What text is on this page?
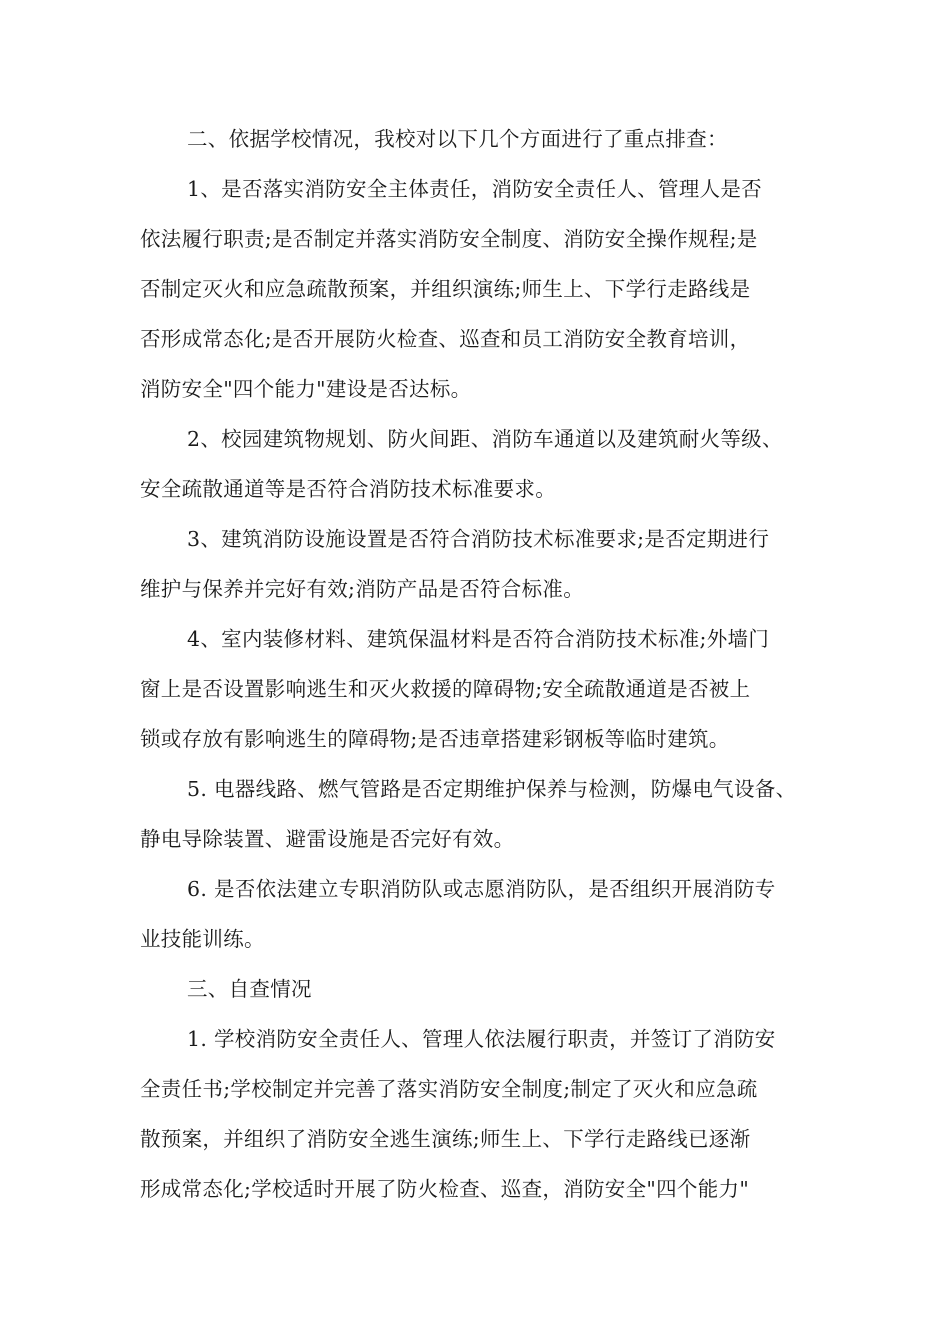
二、依据学校情况，我校对以下几个方面进行了重点排查：
1、是否落实消防安全主体责任，消防安全责任人、管理人是否
依法履行职责;是否制定并落实消防安全制度、消防安全操作规程;是
否制定灭火和应急疏散预案，并组织演练;师生上、下学行走路线是
否形成常态化;是否开展防火检查、巡查和员工消防安全教育培训，
消防安全"四个能力"建设是否达标。
2、校园建筑物规划、防火间距、消防车通道以及建筑耐火等级、
安全疏散通道等是否符合消防技术标准要求。
3、建筑消防设施设置是否符合消防技术标准要求;是否定期进行
维护与保养并完好有效;消防产品是否符合标准。
4、室内装修材料、建筑保温材料是否符合消防技术标准;外墙门
窗上是否设置影响逃生和灭火救援的障碍物;安全疏散通道是否被上
锁或存放有影响逃生的障碍物;是否违章搭建彩钢板等临时建筑。
5. 电器线路、燃气管路是否定期维护保养与检测，防爆电气设备、
静电导除装置、避雷设施是否完好有效。
6. 是否依法建立专职消防队或志愿消防队，是否组织开展消防专
业技能训练。
三、自查情况
1. 学校消防安全责任人、管理人依法履行职责，并签订了消防安
全责任书;学校制定并完善了落实消防安全制度;制定了灭火和应急疏
散预案，并组织了消防安全逃生演练;师生上、下学行走路线已逐渐
形成常态化;学校适时开展了防火检查、巡查，消防安全"四个能力"
